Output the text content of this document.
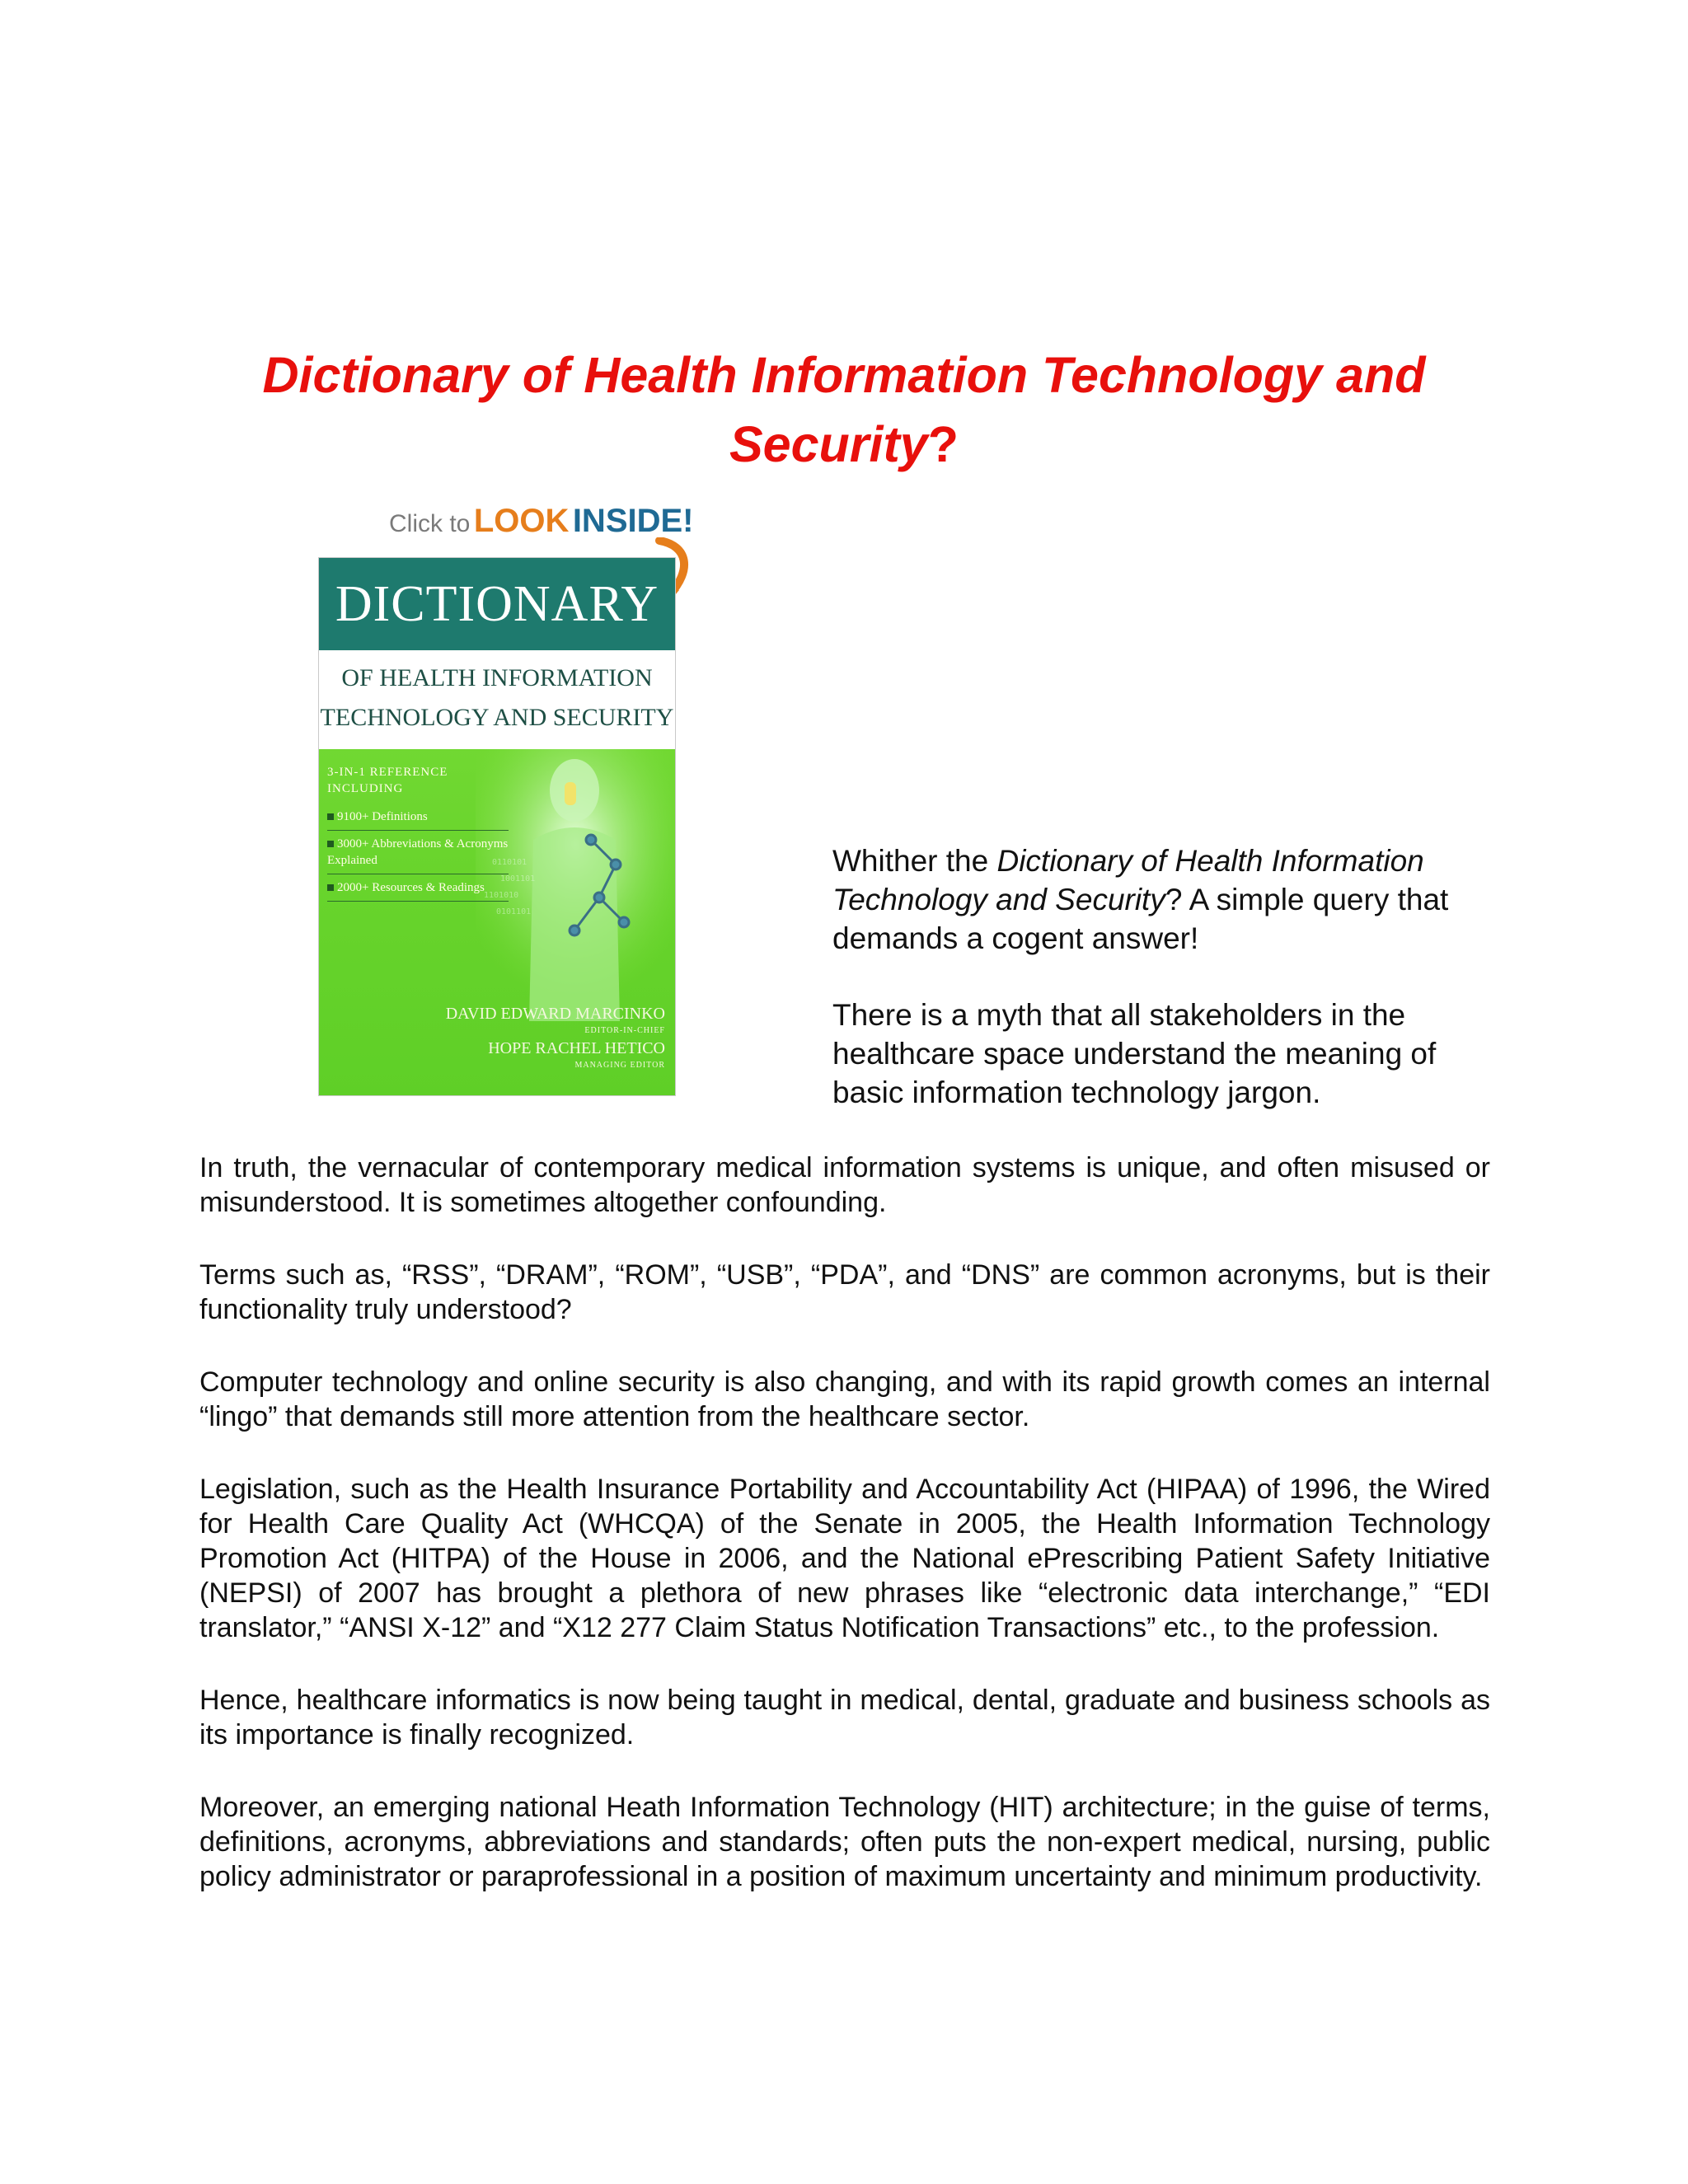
Dictionary of Health Information Technology and Security?
Click to LOOK INSIDE!
DICTIONARY
OF HEALTH INFORMATION
TECHNOLOGY AND SECURITY
0110101
1001101
1101010
0101101
3-IN-1 REFERENCE
INCLUDING
9100+ Definitions
3000+ Abbreviations & Acronyms Explained
2000+ Resources & Readings
DAVID EDWARD MARCINKO
EDITOR-IN-CHIEF
HOPE RACHEL HETICO
MANAGING EDITOR

Whither the Dictionary of Health Information Technology and Security? A simple query that demands a cogent answer!

There is a myth that all stakeholders in the healthcare space understand the meaning of basic information technology jargon.

In truth, the vernacular of contemporary medical information systems is unique, and often misused or misunderstood. It is sometimes altogether confounding.

Terms such as, “RSS”, “DRAM”, “ROM”, “USB”, “PDA”, and “DNS” are common acronyms, but is their functionality truly understood?

Computer technology and online security is also changing, and with its rapid growth comes an internal “lingo” that demands still more attention from the healthcare sector.

Legislation, such as the Health Insurance Portability and Accountability Act (HIPAA) of 1996, the Wired for Health Care Quality Act (WHCQA) of the Senate in 2005, the Health Information Technology Promotion Act (HITPA) of the House in 2006, and the National ePrescribing Patient Safety Initiative (NEPSI) of 2007 has brought a plethora of new phrases like “electronic data interchange,” “EDI translator,” “ANSI X-12” and “X12 277 Claim Status Notification Transactions” etc., to the profession.

Hence, healthcare informatics is now being taught in medical, dental, graduate and business schools as its importance is finally recognized.

Moreover, an emerging national Heath Information Technology (HIT) architecture; in the guise of terms, definitions, acronyms, abbreviations and standards; often puts the non-expert medical, nursing, public policy administrator or paraprofessional in a position of maximum uncertainty and minimum productivity.
